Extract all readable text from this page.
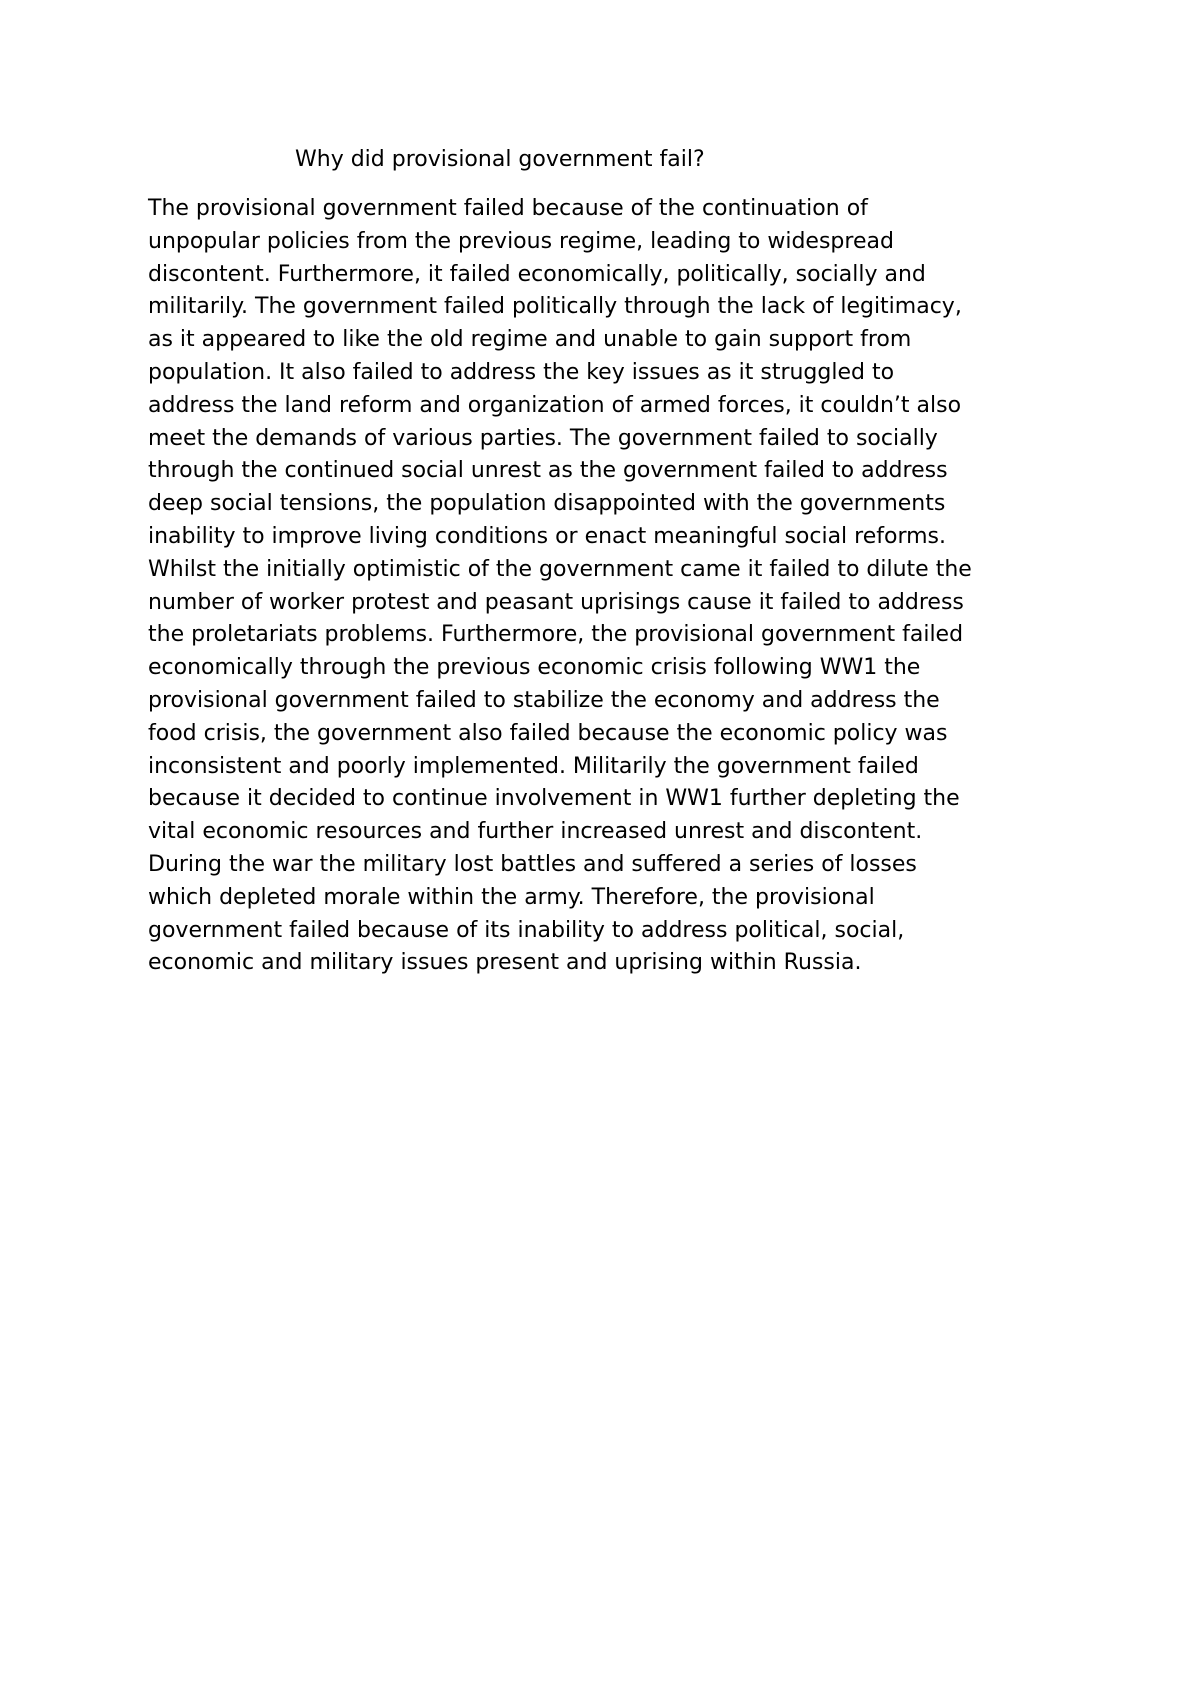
Why did provisional government fail?
The provisional government failed because of the continuation of
unpopular policies from the previous regime, leading to widespread
discontent. Furthermore, it failed economically, politically, socially and
militarily. The government failed politically through the lack of legitimacy,
as it appeared to like the old regime and unable to gain support from
population. It also failed to address the key issues as it struggled to
address the land reform and organization of armed forces, it couldn’t also
meet the demands of various parties. The government failed to socially
through the continued social unrest as the government failed to address
deep social tensions, the population disappointed with the governments
inability to improve living conditions or enact meaningful social reforms.
Whilst the initially optimistic of the government came it failed to dilute the
number of worker protest and peasant uprisings cause it failed to address
the proletariats problems. Furthermore, the provisional government failed
economically through the previous economic crisis following WW1 the
provisional government failed to stabilize the economy and address the
food crisis, the government also failed because the economic policy was
inconsistent and poorly implemented. Militarily the government failed
because it decided to continue involvement in WW1 further depleting the
vital economic resources and further increased unrest and discontent.
During the war the military lost battles and suffered a series of losses
which depleted morale within the army. Therefore, the provisional
government failed because of its inability to address political, social,
economic and military issues present and uprising within Russia.
